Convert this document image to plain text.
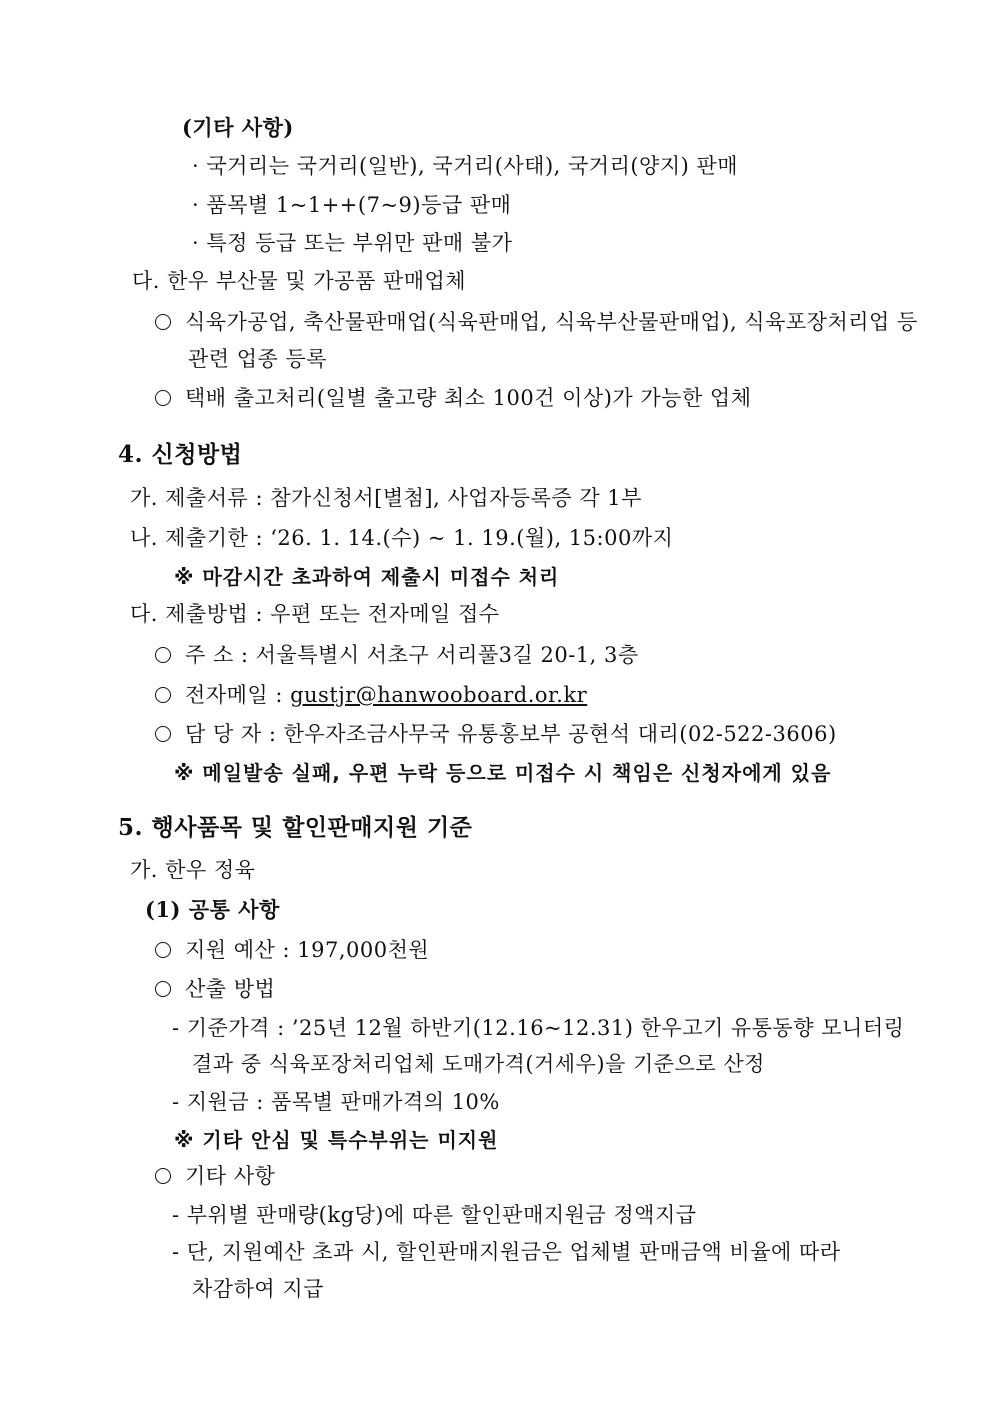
(기타 사항)
· 국거리는 국거리(일반), 국거리(사태), 국거리(양지) 판매
· 품목별 1~1++(7~9)등급 판매
· 특정 등급 또는 부위만 판매 불가
다. 한우 부산물 및 가공품 판매업체
식육가공업, 축산물판매업(식육판매업, 식육부산물판매업), 식육포장처리업 등
관련 업종 등록
택배 출고처리(일별 출고량 최소 100건 이상)가 가능한 업체
4. 신청방법
가. 제출서류 : 참가신청서[별첨], 사업자등록증 각 1부
나. 제출기한 : ‘26. 1. 14.(수) ~ 1. 19.(월), 15:00까지
※ 마감시간 초과하여 제출시 미접수 처리
다. 제출방법 : 우편 또는 전자메일 접수
주 소 : 서울특별시 서초구 서리풀3길 20-1, 3층
전자메일 : gustjr@hanwooboard.or.kr
담 당 자 : 한우자조금사무국 유통홍보부 공현석 대리(02-522-3606)
※ 메일발송 실패, 우편 누락 등으로 미접수 시 책임은 신청자에게 있음
5. 행사품목 및 할인판매지원 기준
가. 한우 정육
(1) 공통 사항
지원 예산 : 197,000천원
산출 방법
- 기준가격 : ’25년 12월 하반기(12.16~12.31) 한우고기 유통동향 모니터링
결과 중 식육포장처리업체 도매가격(거세우)을 기준으로 산정
- 지원금 : 품목별 판매가격의 10%
※ 기타 안심 및 특수부위는 미지원
기타 사항
- 부위별 판매량(kg당)에 따른 할인판매지원금 정액지급
- 단, 지원예산 초과 시, 할인판매지원금은 업체별 판매금액 비율에 따라
차감하여 지급
